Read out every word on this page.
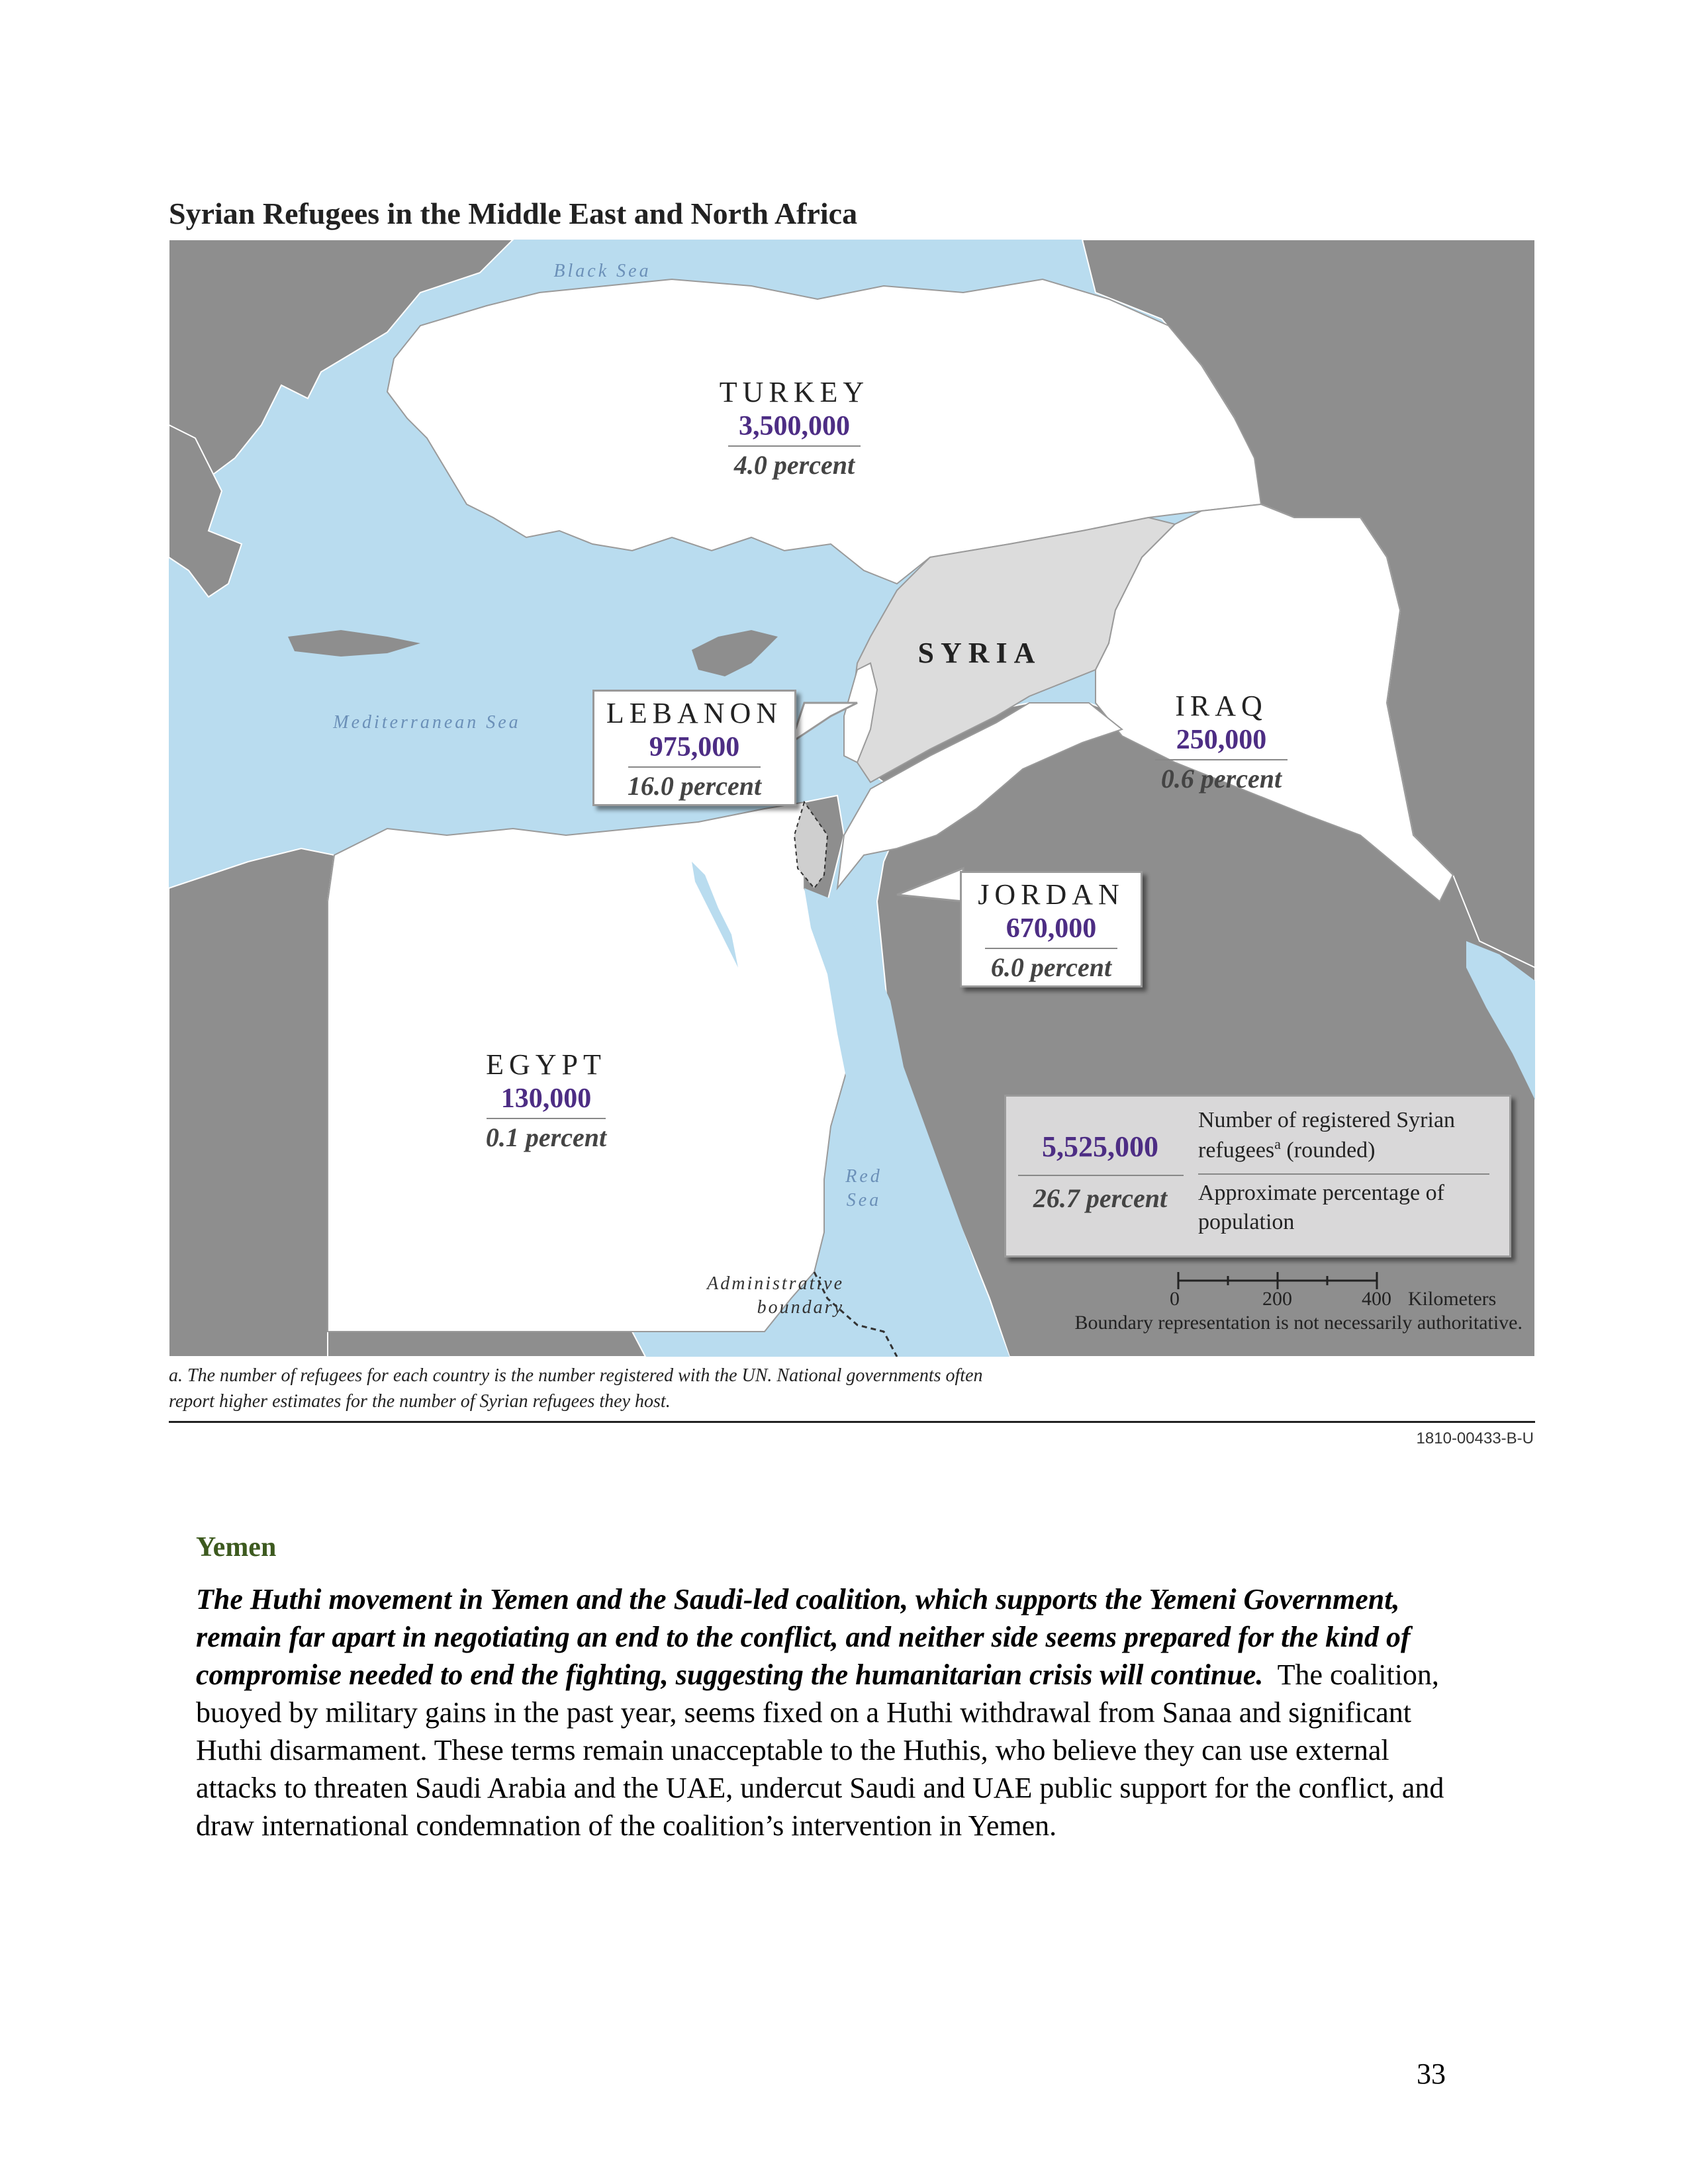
Syrian Refugees in the Middle East and North Africa
Black Sea
Mediterranean Sea
Red
Sea
TURKEY
3,500,000
4.0 percent
SYRIA
LEBANON
975,000
16.0 percent
IRAQ
250,000
0.6 percent
JORDAN
670,000
6.0 percent
EGYPT
130,000
0.1 percent
Administrative
boundary
5,525,000
26.7 percent
Number of registered Syrian refugees$^a$ (rounded)
Approximate percentage of population
0	200	400 Kilometers
Boundary representation is not necessarily authoritative.

a. The number of refugees for each country is the number registered with the UN. National governments often report higher estimates for the number of Syrian refugees they host.

1810-00433-B-U
Yemen

The Huthi movement in Yemen and the Saudi-led coalition, which supports the Yemeni Government, remain far apart in negotiating an end to the conflict, and neither side seems prepared for the kind of compromise needed to end the fighting, suggesting the humanitarian crisis will continue. The coalition, buoyed by military gains in the past year, seems fixed on a Huthi withdrawal from Sanaa and significant Huthi disarmament. These terms remain unacceptable to the Huthis, who believe they can use external attacks to threaten Saudi Arabia and the UAE, undercut Saudi and UAE public support for the conflict, and draw international condemnation of the coalition’s intervention in Yemen.

33
